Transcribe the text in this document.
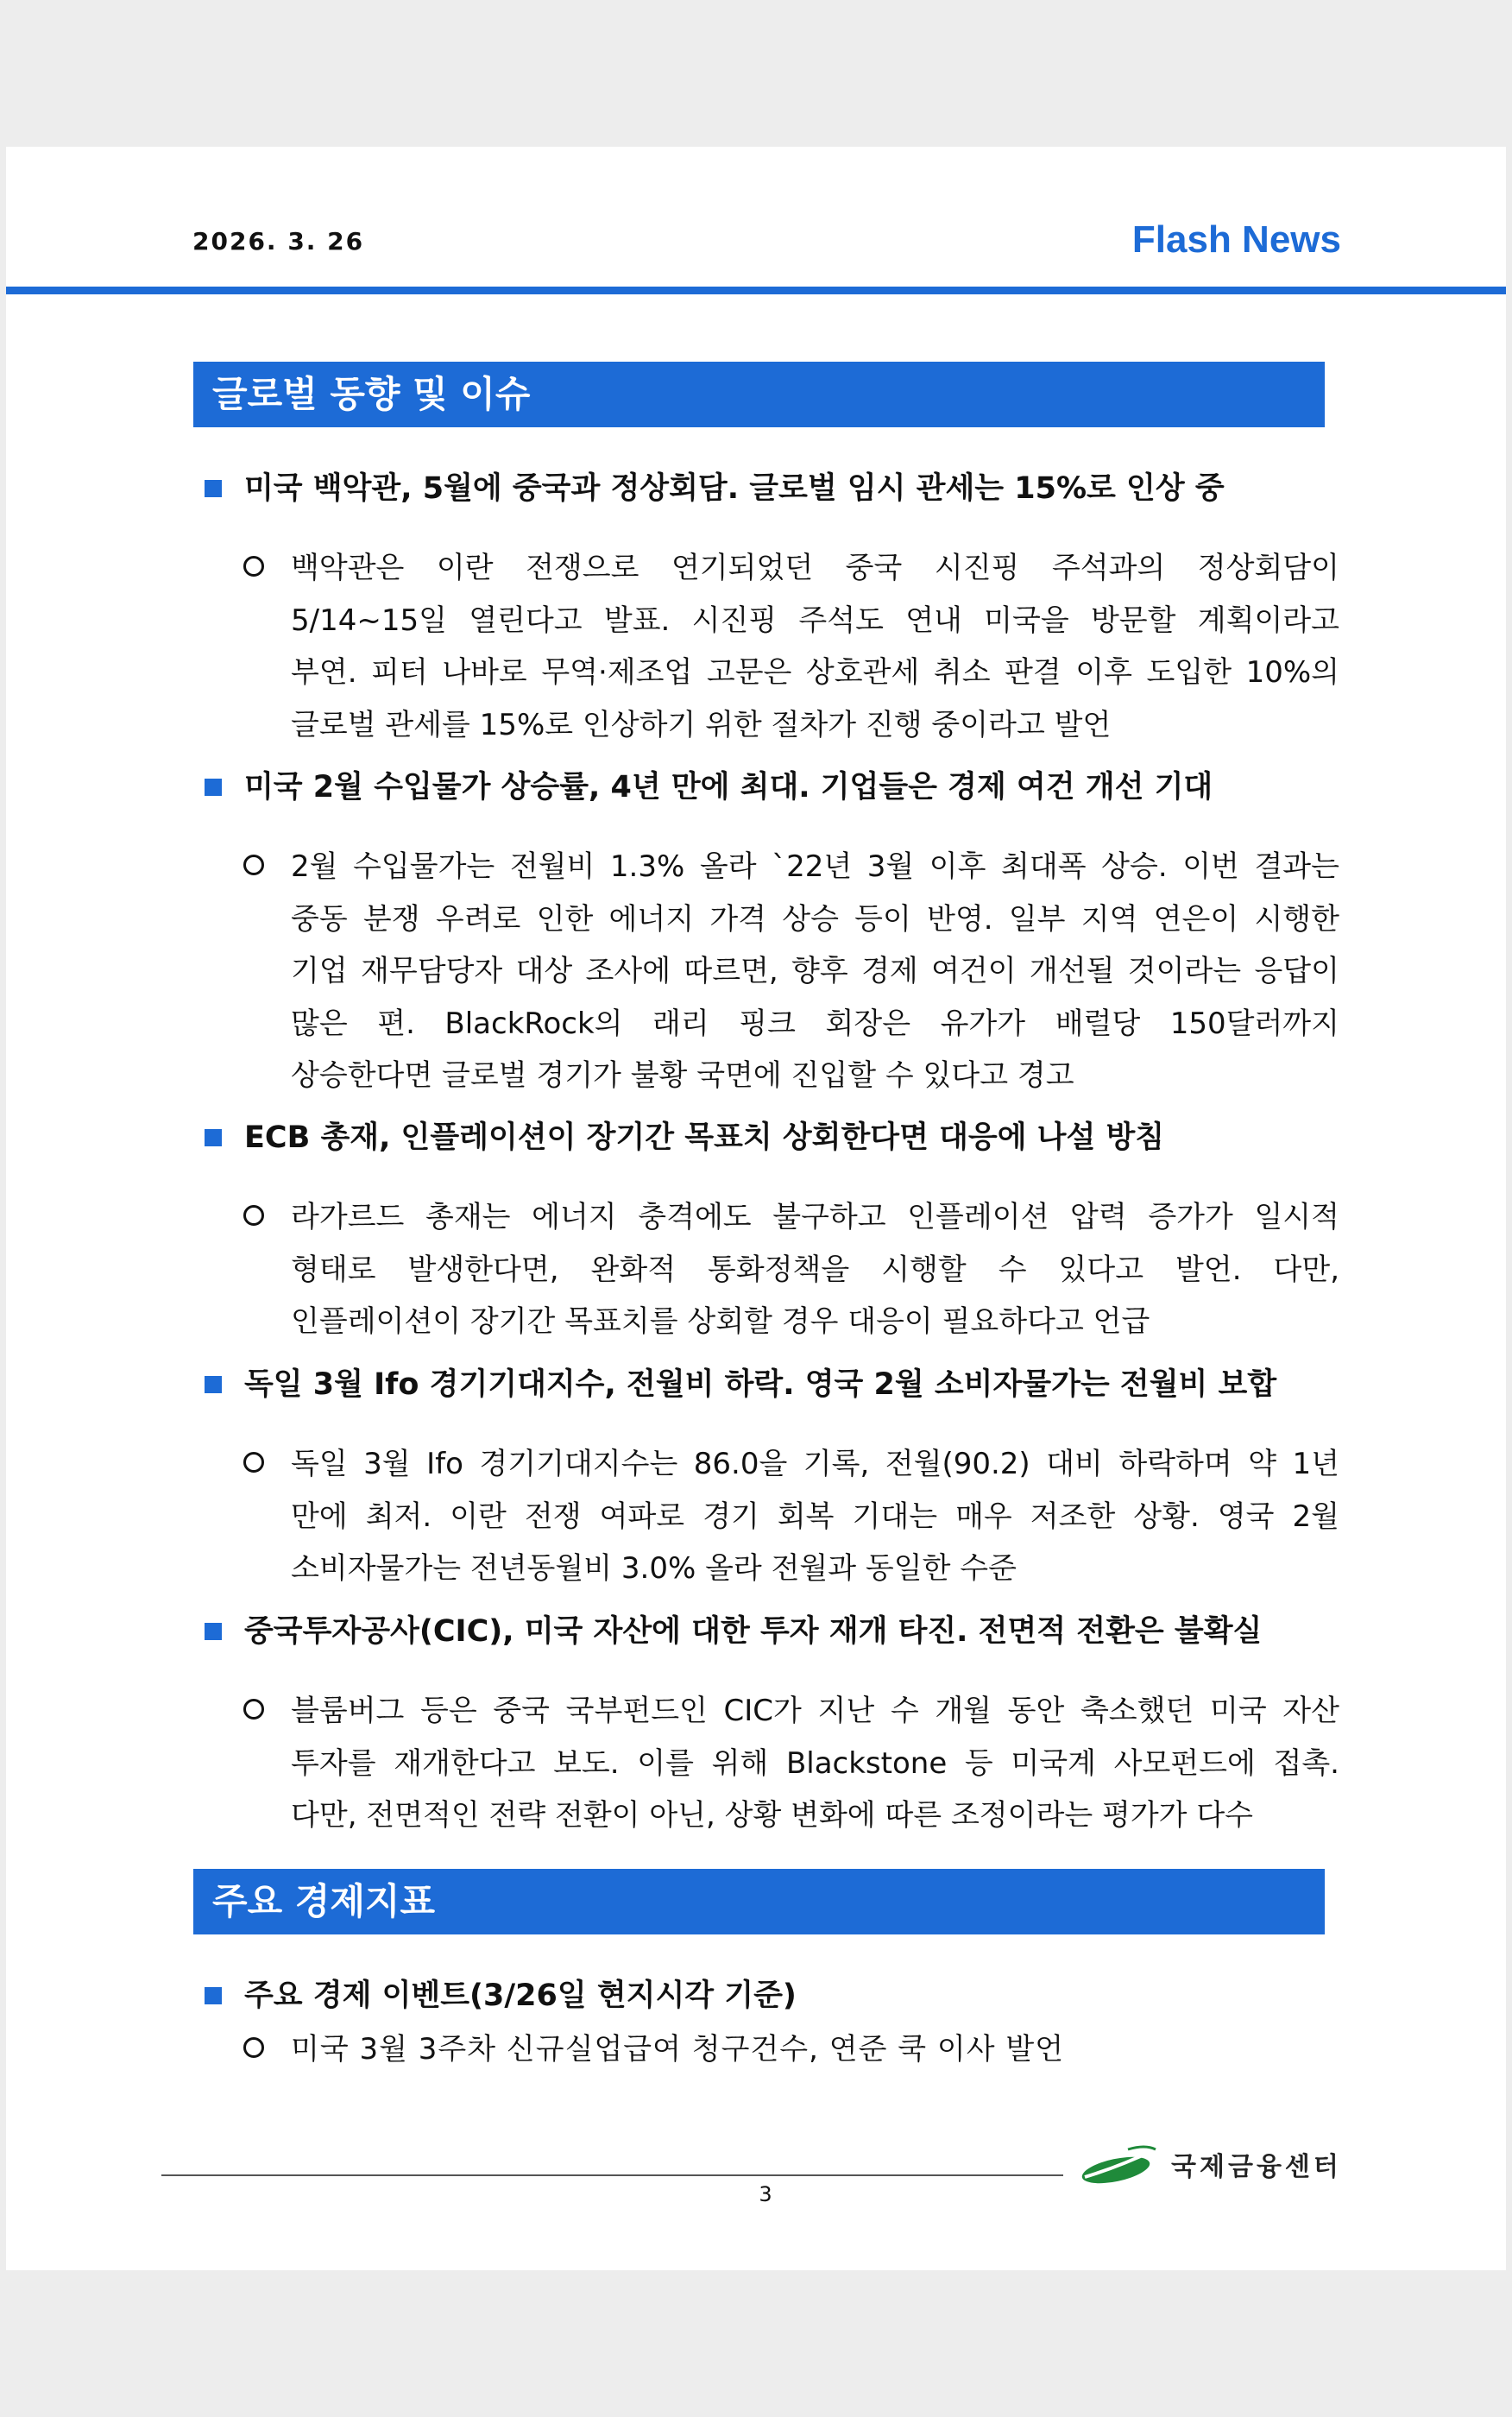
2026. 3. 26	Flash News
글로벌 동향 및 이슈
미국 백악관, 5월에 중국과 정상회담. 글로벌 임시 관세는 15%로 인상 중

백악관은 이란 전쟁으로 연기되었던 중국 시진핑 주석과의 정상회담이

5/14~15일 열린다고 발표. 시진핑 주석도 연내 미국을 방문할 계획이라고

부연. 피터 나바로 무역·제조업 고문은 상호관세 취소 판결 이후 도입한 10%의

글로벌 관세를 15%로 인상하기 위한 절차가 진행 중이라고 발언

미국 2월 수입물가 상승률, 4년 만에 최대. 기업들은 경제 여건 개선 기대

2월 수입물가는 전월비 1.3% 올라 `22년 3월 이후 최대폭 상승. 이번 결과는

중동 분쟁 우려로 인한 에너지 가격 상승 등이 반영. 일부 지역 연은이 시행한

기업 재무담당자 대상 조사에 따르면, 향후 경제 여건이 개선될 것이라는 응답이

많은 편. BlackRock의 래리 핑크 회장은 유가가 배럴당 150달러까지

상승한다면 글로벌 경기가 불황 국면에 진입할 수 있다고 경고

ECB 총재, 인플레이션이 장기간 목표치 상회한다면 대응에 나설 방침

라가르드 총재는 에너지 충격에도 불구하고 인플레이션 압력 증가가 일시적

형태로 발생한다면, 완화적 통화정책을 시행할 수 있다고 발언. 다만,

인플레이션이 장기간 목표치를 상회할 경우 대응이 필요하다고 언급

독일 3월 Ifo 경기기대지수, 전월비 하락. 영국 2월 소비자물가는 전월비 보합

독일 3월 Ifo 경기기대지수는 86.0을 기록, 전월(90.2) 대비 하락하며 약 1년

만에 최저. 이란 전쟁 여파로 경기 회복 기대는 매우 저조한 상황. 영국 2월

소비자물가는 전년동월비 3.0% 올라 전월과 동일한 수준

중국투자공사(CIC), 미국 자산에 대한 투자 재개 타진. 전면적 전환은 불확실

블룸버그 등은 중국 국부펀드인 CIC가 지난 수 개월 동안 축소했던 미국 자산

투자를 재개한다고 보도. 이를 위해 Blackstone 등 미국계 사모펀드에 접촉.

다만, 전면적인 전략 전환이 아닌, 상황 변화에 따른 조정이라는 평가가 다수

주요 경제지표
주요 경제 이벤트(3/26일 현지시각 기준)

미국 3월 3주차 신규실업급여 청구건수, 연준 쿡 이사 발언

국제금융센터
3
